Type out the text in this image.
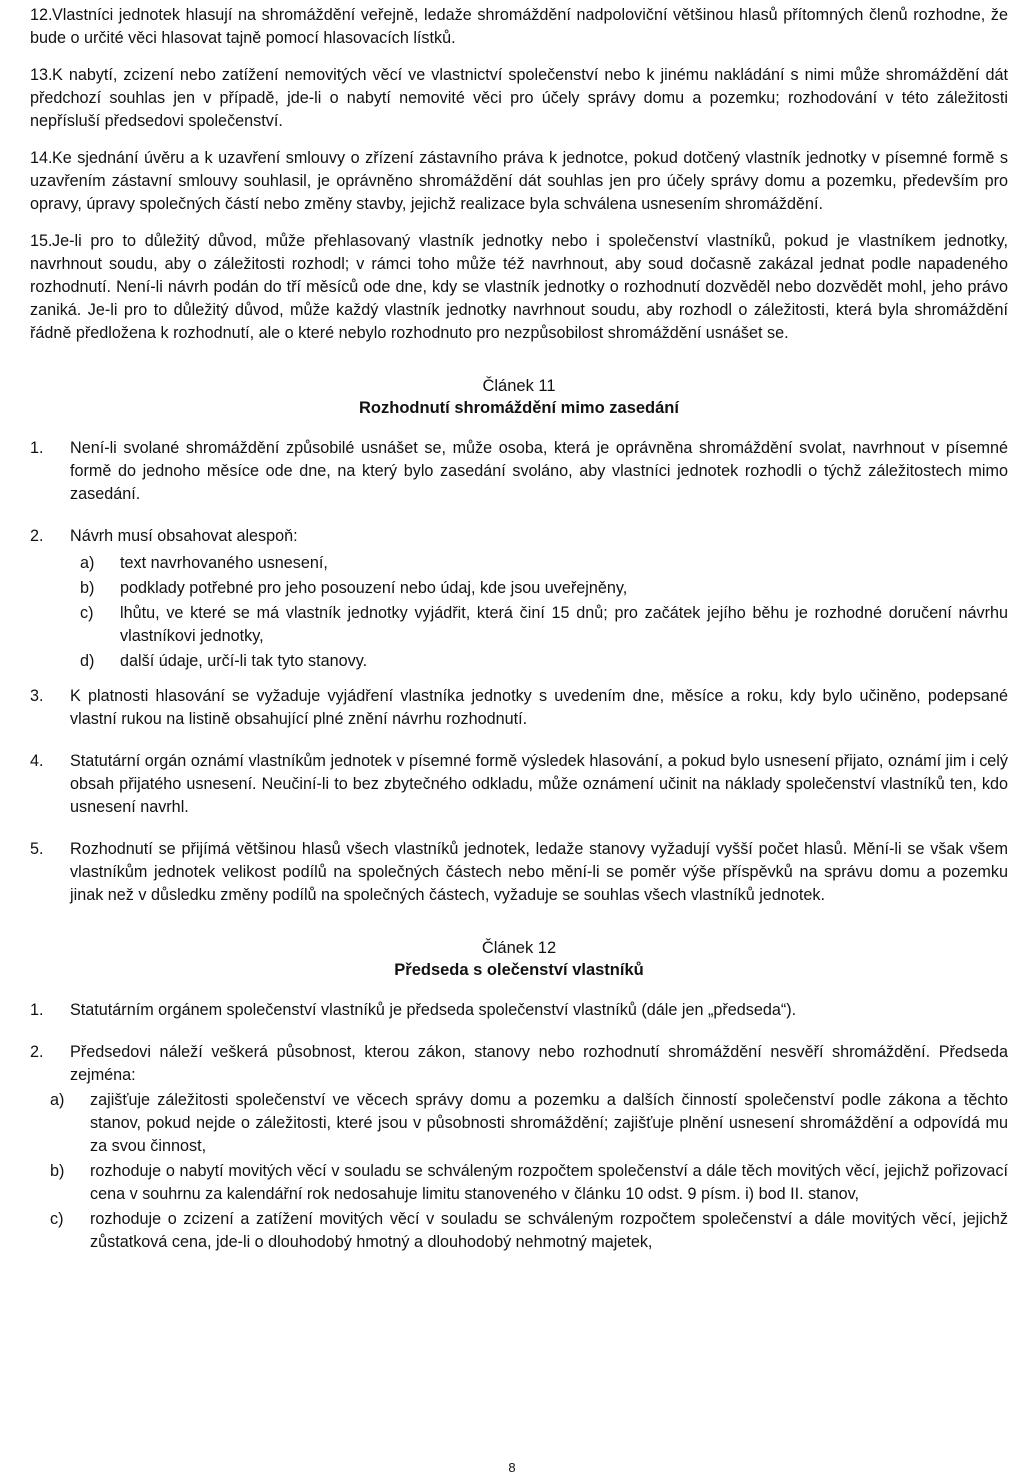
12.Vlastníci jednotek hlasují na shromáždění veřejně, ledaže shromáždění nadpoloviční většinou hlasů přítomných členů rozhodne, že bude o určité věci hlasovat tajně pomocí hlasovacích lístků.

13.K nabytí, zcizení nebo zatížení nemovitých věcí ve vlastnictví společenství nebo k jinému nakládání s nimi může shromáždění dát předchozí souhlas jen v případě, jde-li o nabytí nemovité věci pro účely správy domu a pozemku; rozhodování v této záležitosti nepřísluší předsedovi společenství.

14.Ke sjednání úvěru a k uzavření smlouvy o zřízení zástavního práva k jednotce, pokud dotčený vlastník jednotky v písemné formě s uzavřením zástavní smlouvy souhlasil, je oprávněno shromáždění dát souhlas jen pro účely správy domu a pozemku, především pro opravy, úpravy společných částí nebo změny stavby, jejichž realizace byla schválena usnesením shromáždění.

15.Je-li pro to důležitý důvod, může přehlasovaný vlastník jednotky nebo i společenství vlastníků, pokud je vlastníkem jednotky, navrhnout soudu, aby o záležitosti rozhodl; v rámci toho může též navrhnout, aby soud dočasně zakázal jednat podle napadeného rozhodnutí. Není-li návrh podán do tří měsíců ode dne, kdy se vlastník jednotky o rozhodnutí dozvěděl nebo dozvědět mohl, jeho právo zaniká. Je-li pro to důležitý důvod, může každý vlastník jednotky navrhnout soudu, aby rozhodl o záležitosti, která byla shromáždění řádně předložena k rozhodnutí, ale o které nebylo rozhodnuto pro nezpůsobilost shromáždění usnášet se.

Článek 11
Rozhodnutí shromáždění mimo zasedání
1.	Není-li svolané shromáždění způsobilé usnášet se, může osoba, která je oprávněna shromáždění svolat, navrhnout v písemné formě do jednoho měsíce ode dne, na který bylo zasedání svoláno, aby vlastníci jednotek rozhodli o týchž záležitostech mimo zasedání.
2.	Návrh musí obsahovat alespoň:
a)	text navrhovaného usnesení,
b)	podklady potřebné pro jeho posouzení nebo údaj, kde jsou uveřejněny,
c)	lhůtu, ve které se má vlastník jednotky vyjádřit, která činí 15 dnů; pro začátek jejího běhu je rozhodné doručení návrhu vlastníkovi jednotky,
d)	další údaje, určí-li tak tyto stanovy.
3.	K platnosti hlasování se vyžaduje vyjádření vlastníka jednotky s uvedením dne, měsíce a roku, kdy bylo učiněno, podepsané vlastní rukou na listině obsahující plné znění návrhu rozhodnutí.
4.	Statutární orgán oznámí vlastníkům jednotek v písemné formě výsledek hlasování, a pokud bylo usnesení přijato, oznámí jim i celý obsah přijatého usnesení. Neučiní-li to bez zbytečného odkladu, může oznámení učinit na náklady společenství vlastníků ten, kdo usnesení navrhl.
5.	Rozhodnutí se přijímá většinou hlasů všech vlastníků jednotek, ledaže stanovy vyžadují vyšší počet hlasů. Mění-li se však všem vlastníkům jednotek velikost podílů na společných částech nebo mění-li se poměr výše příspěvků na správu domu a pozemku jinak než v důsledku změny podílů na společných částech, vyžaduje se souhlas všech vlastníků jednotek.
Článek 12
Předseda s olečenství vlastníků
1.	Statutárním orgánem společenství vlastníků je předseda společenství vlastníků (dále jen „předseda“).
2.	Předsedovi náleží veškerá působnost, kterou zákon, stanovy nebo rozhodnutí shromáždění nesvěří shromáždění. Předseda zejména:
a)	zajišťuje záležitosti společenství ve věcech správy domu a pozemku a dalších činností společenství podle zákona a těchto stanov, pokud nejde o záležitosti, které jsou v působnosti shromáždění; zajišťuje plnění usnesení shromáždění a odpovídá mu za svou činnost,
b)	rozhoduje o nabytí movitých věcí v souladu se schváleným rozpočtem společenství a dále těch movitých věcí, jejichž pořizovací cena v souhrnu za kalendářní rok nedosahuje limitu stanoveného v článku 10 odst. 9 písm. i) bod II. stanov,
c)	rozhoduje o zcizení a zatížení movitých věcí v souladu se schváleným rozpočtem společenství a dále movitých věcí, jejichž zůstatková cena, jde-li o dlouhodobý hmotný a dlouhodobý nehmotný majetek,
8
